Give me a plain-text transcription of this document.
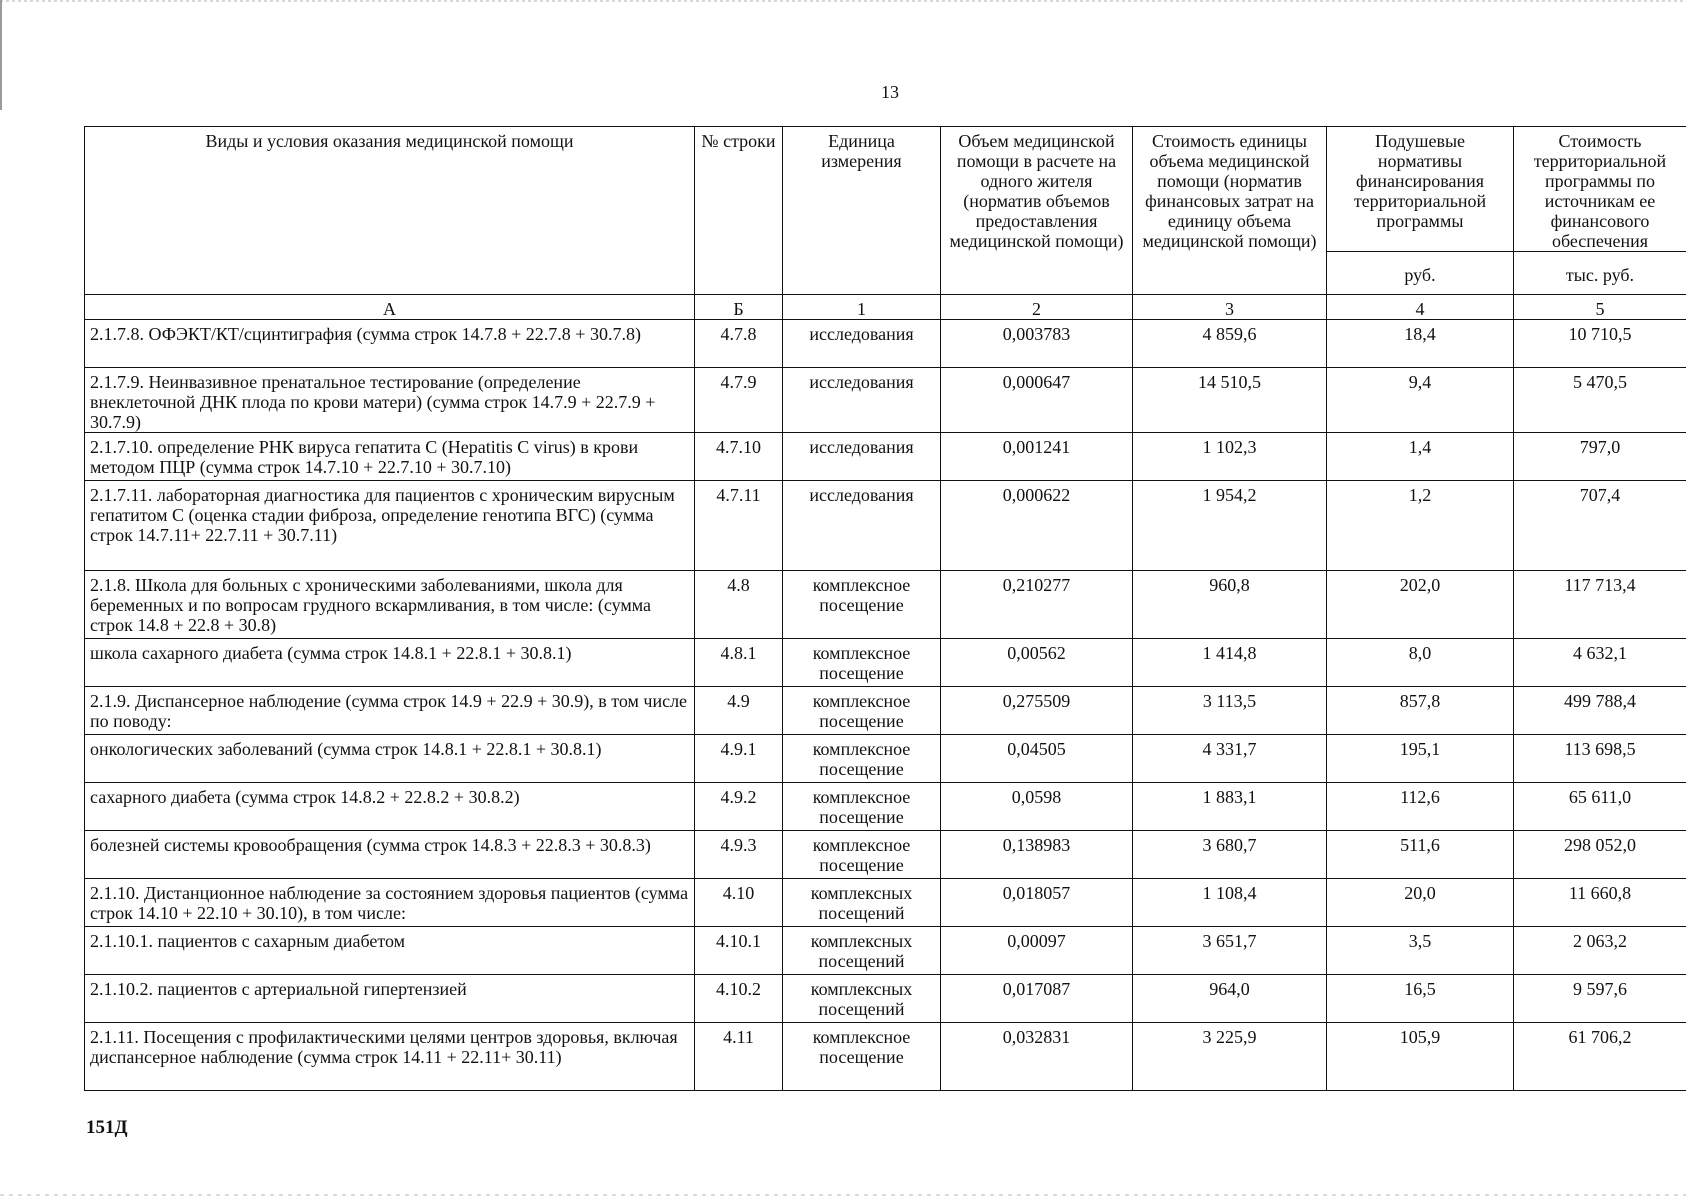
13
Виды и условия оказания медицинской помощи	№ строки	Единица измерения	Объем медицинской помощи в расчете на одного жителя (норматив объемов предоставления медицинской помощи)	Стоимость единицы объема медицинской помощи (норматив финансовых затрат на единицу объема медицинской помощи)	Подушевые нормативы финансирования территориальной программы	Стоимость территориальной программы по источникам ее финансового обеспечения
					руб.	тыс. руб.
А	Б	1	2	3	4	5
2.1.7.8. ОФЭКТ/КТ/сцинтиграфия (сумма строк 14.7.8 + 22.7.8 + 30.7.8)	4.7.8	исследования	0,003783	4 859,6	18,4	10 710,5
2.1.7.9. Неинвазивное пренатальное тестирование (определение внеклеточной ДНК плода по крови матери) (сумма строк 14.7.9 + 22.7.9 + 30.7.9)	4.7.9	исследования	0,000647	14 510,5	9,4	5 470,5
2.1.7.10. определение РНК вируса гепатита С (Hepatitis C virus) в крови методом ПЦР (сумма строк 14.7.10 + 22.7.10 + 30.7.10)	4.7.10	исследования	0,001241	1 102,3	1,4	797,0
2.1.7.11. лабораторная диагностика для пациентов с хроническим вирусным гепатитом С (оценка стадии фиброза, определение генотипа ВГС) (сумма строк 14.7.11+ 22.7.11 + 30.7.11)	4.7.11	исследования	0,000622	1 954,2	1,2	707,4
2.1.8. Школа для больных с хроническими заболеваниями, школа для беременных и по вопросам грудного вскармливания, в том числе: (сумма строк 14.8 + 22.8 + 30.8)	4.8	комплексное посещение	0,210277	960,8	202,0	117 713,4
школа сахарного диабета (сумма строк 14.8.1 + 22.8.1 + 30.8.1)	4.8.1	комплексное посещение	0,00562	1 414,8	8,0	4 632,1
2.1.9. Диспансерное наблюдение (сумма строк 14.9 + 22.9 + 30.9), в том числе по поводу:	4.9	комплексное посещение	0,275509	3 113,5	857,8	499 788,4
онкологических заболеваний (сумма строк 14.8.1 + 22.8.1 + 30.8.1)	4.9.1	комплексное посещение	0,04505	4 331,7	195,1	113 698,5
сахарного диабета (сумма строк 14.8.2 + 22.8.2 + 30.8.2)	4.9.2	комплексное посещение	0,0598	1 883,1	112,6	65 611,0
болезней системы кровообращения (сумма строк 14.8.3 + 22.8.3 + 30.8.3)	4.9.3	комплексное посещение	0,138983	3 680,7	511,6	298 052,0
2.1.10. Дистанционное наблюдение за состоянием здоровья пациентов (сумма строк 14.10 + 22.10 + 30.10), в том числе:	4.10	комплексных посещений	0,018057	1 108,4	20,0	11 660,8
2.1.10.1. пациентов с сахарным диабетом	4.10.1	комплексных посещений	0,00097	3 651,7	3,5	2 063,2
2.1.10.2. пациентов с артериальной гипертензией	4.10.2	комплексных посещений	0,017087	964,0	16,5	9 597,6
2.1.11. Посещения с профилактическими целями центров здоровья, включая диспансерное наблюдение (сумма строк 14.11 + 22.11+ 30.11)	4.11	комплексное посещение	0,032831	3 225,9	105,9	61 706,2
151Д
